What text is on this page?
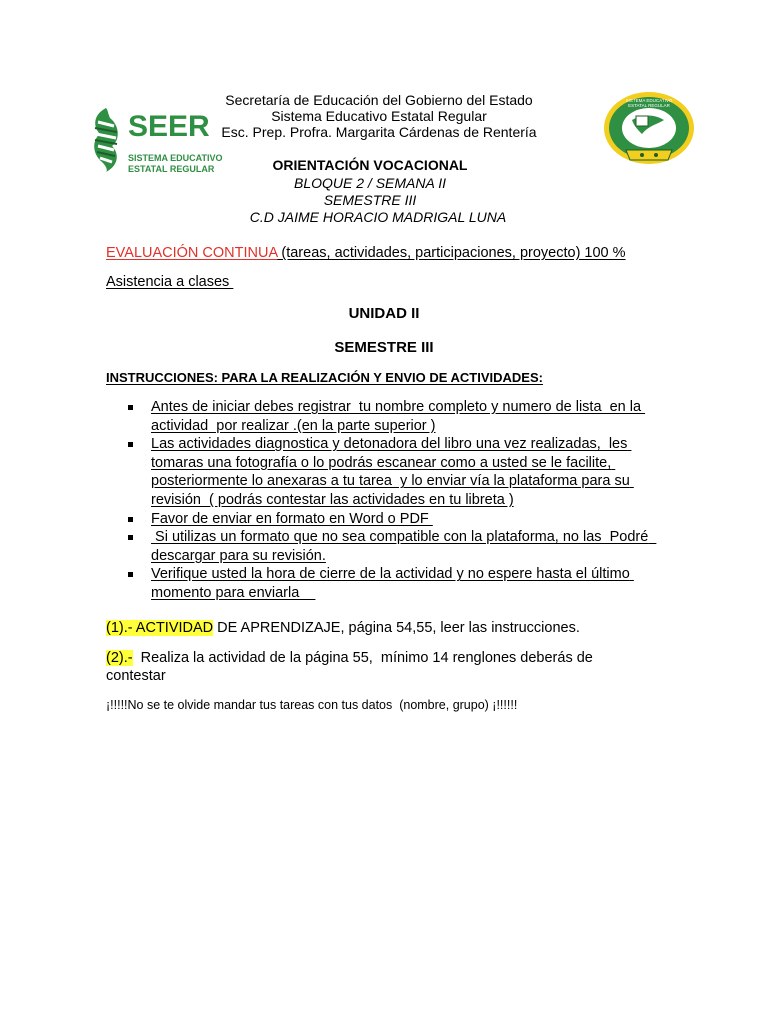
SEER
SISTEMA EDUCATIVO
ESTATAL REGULAR
SISTEMA EDUCATIVO ESTATAL REGULAR
Secretaría de Educación del Gobierno del Estado
Sistema Educativo Estatal Regular
Esc. Prep. Profra. Margarita Cárdenas de Rentería
ORIENTACIÓN VOCACIONAL
BLOQUE 2 / SEMANA II
SEMESTRE III
C.D JAIME HORACIO MADRIGAL LUNA
EVALUACIÓN CONTINUA (tareas, actividades, participaciones, proyecto) 100 %
Asistencia a clases
UNIDAD II
SEMESTRE III
INSTRUCCIONES: PARA LA REALIZACIÓN Y ENVIO DE ACTIVIDADES:
Antes de iniciar debes registrar  tu nombre completo y numero de lista  en la actividad  por realizar .(en la parte superior )
Las actividades diagnostica y detonadora del libro una vez realizadas,  les tomaras una fotografía o lo podrás escanear como a usted se le facilite, posteriormente lo anexaras a tu tarea  y lo enviar vía la plataforma para su revisión  ( podrás contestar las actividades en tu libreta )
Favor de enviar en formato en Word o PDF
Si utilizas un formato que no sea compatible con la plataforma, no las  Podré  descargar para su revisión.
Verifique usted la hora de cierre de la actividad y no espere hasta el último momento para enviarla
(1).- ACTIVIDAD DE APRENDIZAJE, página 54,55, leer las instrucciones.
(2).-  Realiza la actividad de la página 55,  mínimo 14 renglones deberás de contestar
¡!!!!!No se te olvide mandar tus tareas con tus datos  (nombre, grupo) ¡!!!!!!
